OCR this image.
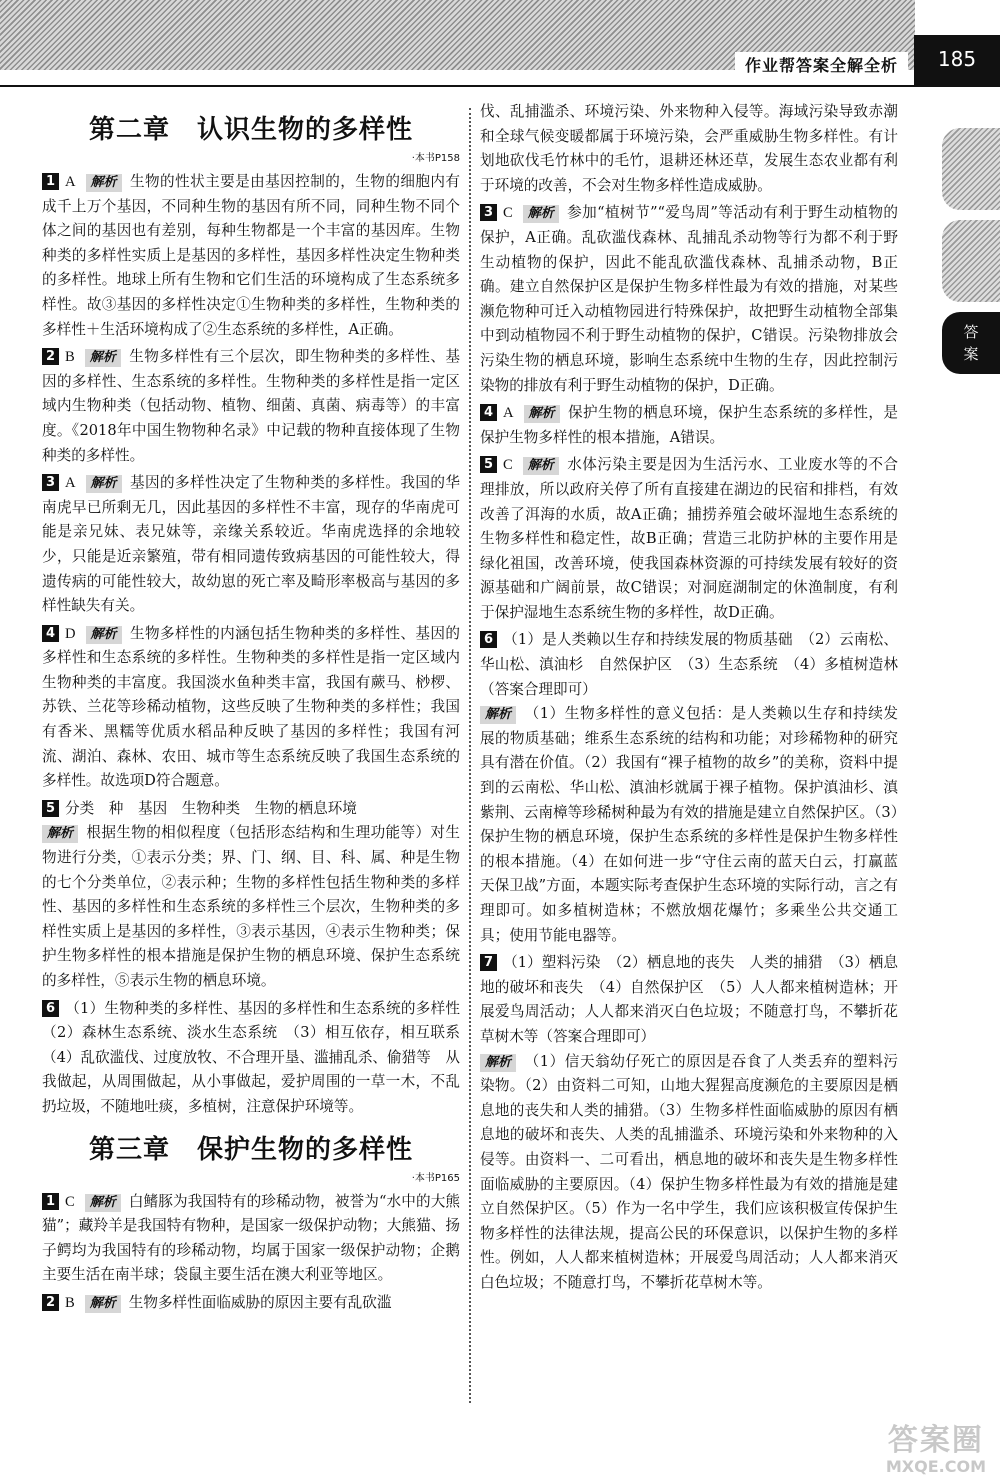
作业帮答案全解全析	185
答案
第二章　认识生物的多样性
·本书P158
1 A 解析 生物的性状主要是由基因控制的，生物的细胞内有成千上万个基因，不同种生物的基因有所不同，同种生物不同个体之间的基因也有差别，每种生物都是一个丰富的基因库。生物种类的多样性实质上是基因的多样性，基因多样性决定生物种类的多样性。地球上所有生物和它们生活的环境构成了生态系统多样性。故③基因的多样性决定①生物种类的多样性，生物种类的多样性＋生活环境构成了②生态系统的多样性，A正确。
2 B 解析 生物多样性有三个层次，即生物种类的多样性、基因的多样性、生态系统的多样性。生物种类的多样性是指一定区域内生物种类（包括动物、植物、细菌、真菌、病毒等）的丰富度。《2018年中国生物物种名录》中记载的物种直接体现了生物种类的多样性。
3 A 解析 基因的多样性决定了生物种类的多样性。我国的华南虎早已所剩无几，因此基因的多样性不丰富，现存的华南虎可能是亲兄妹、表兄妹等，亲缘关系较近。华南虎选择的余地较少，只能是近亲繁殖，带有相同遗传致病基因的可能性较大，得遗传病的可能性较大，故幼崽的死亡率及畸形率极高与基因的多样性缺失有关。
4 D 解析 生物多样性的内涵包括生物种类的多样性、基因的多样性和生态系统的多样性。生物种类的多样性是指一定区域内生物种类的丰富度。我国淡水鱼种类丰富，我国有蕨马、桫椤、苏铁、兰花等珍稀动植物，这些反映了生物种类的多样性；我国有香米、黑糯等优质水稻品种反映了基因的多样性；我国有河流、湖泊、森林、农田、城市等生态系统反映了我国生态系统的多样性。故选项D符合题意。
5 分类　种　基因　生物种类　生物的栖息环境
解析 根据生物的相似程度（包括形态结构和生理功能等）对生物进行分类，①表示分类；界、门、纲、目、科、属、种是生物的七个分类单位，②表示种；生物的多样性包括生物种类的多样性、基因的多样性和生态系统的多样性三个层次，生物种类的多样性实质上是基因的多样性，③表示基因，④表示生物种类；保护生物多样性的根本措施是保护生物的栖息环境、保护生态系统的多样性，⑤表示生物的栖息环境。
6 （1）生物种类的多样性、基因的多样性和生态系统的多样性　（2）森林生态系统、淡水生态系统　（3）相互依存，相互联系　（4）乱砍滥伐、过度放牧、不合理开垦、滥捕乱杀、偷猎等　从我做起，从周围做起，从小事做起，爱护周围的一草一木，不乱扔垃圾，不随地吐痰，多植树，注意保护环境等。
第三章　保护生物的多样性
·本书P165
1 C 解析 白鳍豚为我国特有的珍稀动物，被誉为“水中的大熊猫”；藏羚羊是我国特有物种，是国家一级保护动物；大熊猫、扬子鳄均为我国特有的珍稀动物，均属于国家一级保护动物；企鹅主要生活在南半球；袋鼠主要生活在澳大利亚等地区。
2 B 解析 生物多样性面临威胁的原因主要有乱砍滥
伐、乱捕滥杀、环境污染、外来物种入侵等。海域污染导致赤潮和全球气候变暖都属于环境污染，会严重威胁生物多样性。有计划地砍伐毛竹林中的毛竹，退耕还林还草，发展生态农业都有利于环境的改善，不会对生物多样性造成威胁。
3 C 解析 参加“植树节”“爱鸟周”等活动有利于野生动植物的保护，A正确。乱砍滥伐森林、乱捕乱杀动物等行为都不利于野生动植物的保护，因此不能乱砍滥伐森林、乱捕杀动物，B正确。建立自然保护区是保护生物多样性最为有效的措施，对某些濒危物种可迁入动植物园进行特殊保护，故把野生动植物全部集中到动植物园不利于野生动植物的保护，C错误。污染物排放会污染生物的栖息环境，影响生态系统中生物的生存，因此控制污染物的排放有利于野生动植物的保护，D正确。
4 A 解析 保护生物的栖息环境，保护生态系统的多样性，是保护生物多样性的根本措施，A错误。
5 C 解析 水体污染主要是因为生活污水、工业废水等的不合理排放，所以政府关停了所有直接建在湖边的民宿和排档，有效改善了洱海的水质，故A正确；捕捞养殖会破坏湿地生态系统的生物多样性和稳定性，故B正确；营造三北防护林的主要作用是绿化祖国，改善环境，使我国森林资源的可持续发展有较好的资源基础和广阔前景，故C错误；对洞庭湖制定的休渔制度，有利于保护湿地生态系统生物的多样性，故D正确。
6 （1）是人类赖以生存和持续发展的物质基础　（2）云南松、华山松、滇油杉　自然保护区　（3）生态系统　（4）多植树造林（答案合理即可）
解析 （1）生物多样性的意义包括：是人类赖以生存和持续发展的物质基础；维系生态系统的结构和功能；对珍稀物种的研究具有潜在价值。（2）我国有“裸子植物的故乡”的美称，资料中提到的云南松、华山松、滇油杉就属于裸子植物。保护滇油杉、滇紫荆、云南樟等珍稀树种最为有效的措施是建立自然保护区。（3）保护生物的栖息环境，保护生态系统的多样性是保护生物多样性的根本措施。（4）在如何进一步“守住云南的蓝天白云，打赢蓝天保卫战”方面，本题实际考查保护生态环境的实际行动，言之有理即可。如多植树造林；不燃放烟花爆竹；多乘坐公共交通工具；使用节能电器等。
7 （1）塑料污染　（2）栖息地的丧失　人类的捕猎　（3）栖息地的破坏和丧失　（4）自然保护区　（5）人人都来植树造林；开展爱鸟周活动；人人都来消灭白色垃圾；不随意打鸟，不攀折花草树木等（答案合理即可）
解析 （1）信天翁幼仔死亡的原因是吞食了人类丢弃的塑料污染物。（2）由资料二可知，山地大猩猩高度濒危的主要原因是栖息地的丧失和人类的捕猎。（3）生物多样性面临威胁的原因有栖息地的破坏和丧失、人类的乱捕滥杀、环境污染和外来物种的入侵等。由资料一、二可看出，栖息地的破坏和丧失是生物多样性面临威胁的主要原因。（4）保护生物多样性最为有效的措施是建立自然保护区。（5）作为一名中学生，我们应该积极宣传保护生物多样性的法律法规，提高公民的环保意识，以保护生物的多样性。例如，人人都来植树造林；开展爱鸟周活动；人人都来消灭白色垃圾；不随意打鸟，不攀折花草树木等。
答案圈
MXQE.COM
